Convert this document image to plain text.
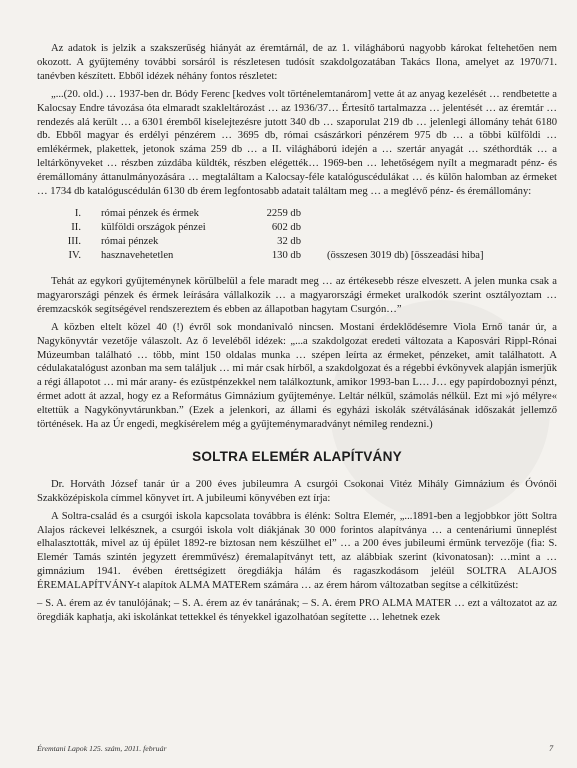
Az adatok is jelzik a szakszerűség hiányát az éremtárnál, de az 1. világháború nagyobb károkat feltehetően nem okozott. A gyűjtemény további sorsáról is részletesen tudósít szakdolgozatában Takács Ilona, amelyet az 1970/71. tanévben készített. Ebből idézek néhány fontos részletet:

„...(20. old.) … 1937-ben dr. Bódy Ferenc [kedves volt történelemtanárom] vette át az anyag kezelését … rendbetette a Kalocsay Endre távozása óta elmaradt szakleltározást … az 1936/37… Értesítő tartalmazza … jelentését … az éremtár … rendezés alá került … a 6301 éremből kiselejtezésre jutott 340 db … szaporulat 219 db … jelenlegi állomány tehát 6180 db. Ebből magyar és erdélyi pénzérem … 3695 db, római császárkori pénzérem 975 db … a többi külföldi … emlékérmek, plakettek, jetonok száma 259 db … a II. világháború idején a … szertár anyagát … széthordták … a leltárkönyveket … részben zúzdába küldték, részben elégették… 1969-ben … lehetőségem nyílt a megmaradt pénz- és éremállomány áttanulmányozására … megtaláltam a Kalocsay-féle katalóguscédulákat … és külön halomban az érmeket … 1734 db katalóguscédulán 6130 db érem legfontosabb adatait találtam meg … a meglévő pénz- és éremállomány:

I.	római pénzek és érmek	2259 db
II.	külföldi országok pénzei	602 db
III.	római pénzek	32 db
IV.	hasznavehetetlen	130 db	(összesen 3019 db) [összeadási hiba]

Tehát az egykori gyűjteménynek körülbelül a fele maradt meg … az értékesebb része elveszett. A jelen munka csak a magyarországi pénzek és érmek leírására vállalkozik … a magyarországi érmeket uralkodók szerint osztályoztam … éremzacskók segítségével rendszereztem és ebben az állapotban hagytam Csurgón…”

A közben eltelt közel 40 (!) évről sok mondanivaló nincsen. Mostani érdeklődésemre Viola Ernő tanár úr, a Nagykönyvtár vezetője válaszolt. Az ő leveléből idézek: „...a szakdolgozat eredeti változata a Kaposvári Rippl-Rónai Múzeumban található … több, mint 150 oldalas munka … szépen leírta az érmeket, pénzeket, amit találhatott. A cédulakatalógust azonban ma sem találjuk … mi már csak hírből, a szakdolgozat és a régebbi évkönyvek alapján ismerjük a régi állapotot … mi már arany- és ezüstpénzekkel nem találkoztunk, amikor 1993-ban L… J… egy papírdoboznyi pénzt, érmet adott át azzal, hogy ez a Református Gimnázium gyűjteménye. Leltár nélkül, számolás nélkül. Ezt mi »jó mélyre« eltettük a Nagykönyvtárunkban.” (Ezek a jelenkori, az állami és egyházi iskolák szétválásának időszakát jellemző történések. Ha az Úr engedi, megkísérelem még a gyűjteménymaradványt némileg rendezni.)

SOLTRA ELEMÉR ALAPÍTVÁNY

Dr. Horváth József tanár úr a 200 éves jubileumra A csurgói Csokonai Vitéz Mihály Gimnázium és Óvónői Szakközépiskola címmel könyvet írt. A jubileumi könyvében ezt írja:

A Soltra-család és a csurgói iskola kapcsolata továbbra is élénk: Soltra Elemér, „...1891-ben a legjobbkor jött Soltra Alajos ráckevei lelkésznek, a csurgói iskola volt diákjának 30 000 forintos alapítványa … a centenáriumi ünneplést elhalasztották, mivel az új épület 1892-re biztosan nem készülhet el” … a 200 éves jubileumi érmünk tervezője (fia: S. Elemér Tamás szintén jegyzett éremművész) éremalapítványt tett, az alábbiak szerint (kivonatosan): …mint a … gimnázium 1941. évében érettségizett öregdiákja hálám és ragaszkodásom jeléül SOLTRA ALAJOS ÉREMALAPÍTVÁNY-t alapítok ALMA MATERem számára … az érem három változatban segítse a célkitűzést:

– S. A. érem az év tanulójának; – S. A. érem az év tanárának; – S. A. érem PRO ALMA MATER … ezt a változatot az az öregdiák kaphatja, aki iskolánkat tettekkel és tényekkel igazolhatóan segítette … lehetnek ezek

Éremtani Lapok 125. szám, 2011. február	7
